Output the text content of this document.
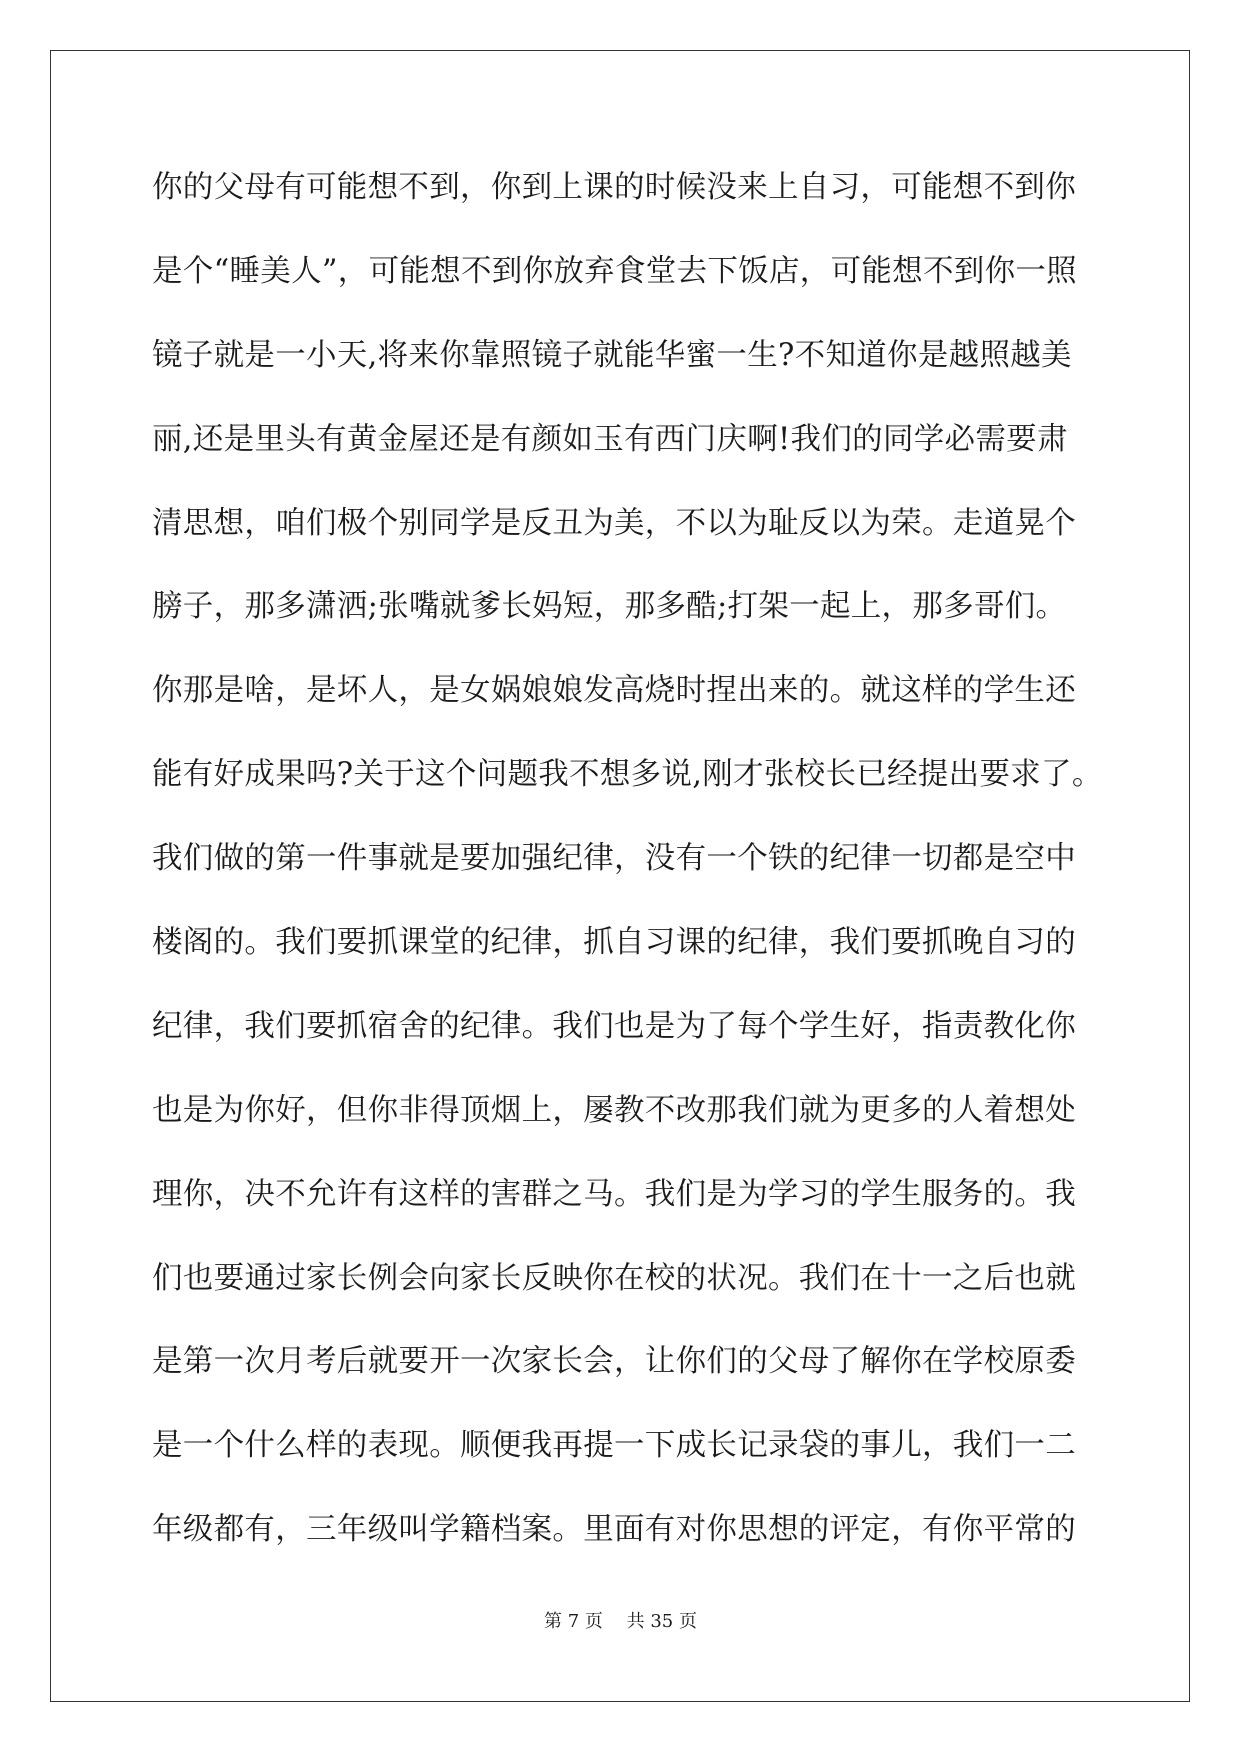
你的父母有可能想不到，你到上课的时候没来上自习，可能想不到你
是个“睡美人”，可能想不到你放弃食堂去下饭店，可能想不到你一照
镜子就是一小天,将来你靠照镜子就能华蜜一生?不知道你是越照越美
丽,还是里头有黄金屋还是有颜如玉有西门庆啊!我们的同学必需要肃
清思想，咱们极个别同学是反丑为美，不以为耻反以为荣。走道晃个
膀子，那多潇洒;张嘴就爹长妈短，那多酷;打架一起上，那多哥们。
你那是啥，是坏人，是女娲娘娘发高烧时捏出来的。就这样的学生还
能有好成果吗?关于这个问题我不想多说,刚才张校长已经提出要求了。
我们做的第一件事就是要加强纪律，没有一个铁的纪律一切都是空中
楼阁的。我们要抓课堂的纪律，抓自习课的纪律，我们要抓晚自习的
纪律，我们要抓宿舍的纪律。我们也是为了每个学生好，指责教化你
也是为你好，但你非得顶烟上，屡教不改那我们就为更多的人着想处
理你，决不允许有这样的害群之马。我们是为学习的学生服务的。我
们也要通过家长例会向家长反映你在校的状况。我们在十一之后也就
是第一次月考后就要开一次家长会，让你们的父母了解你在学校原委
是一个什么样的表现。顺便我再提一下成长记录袋的事儿，我们一二
年级都有，三年级叫学籍档案。里面有对你思想的评定，有你平常的
第 7 页　 共 35 页
